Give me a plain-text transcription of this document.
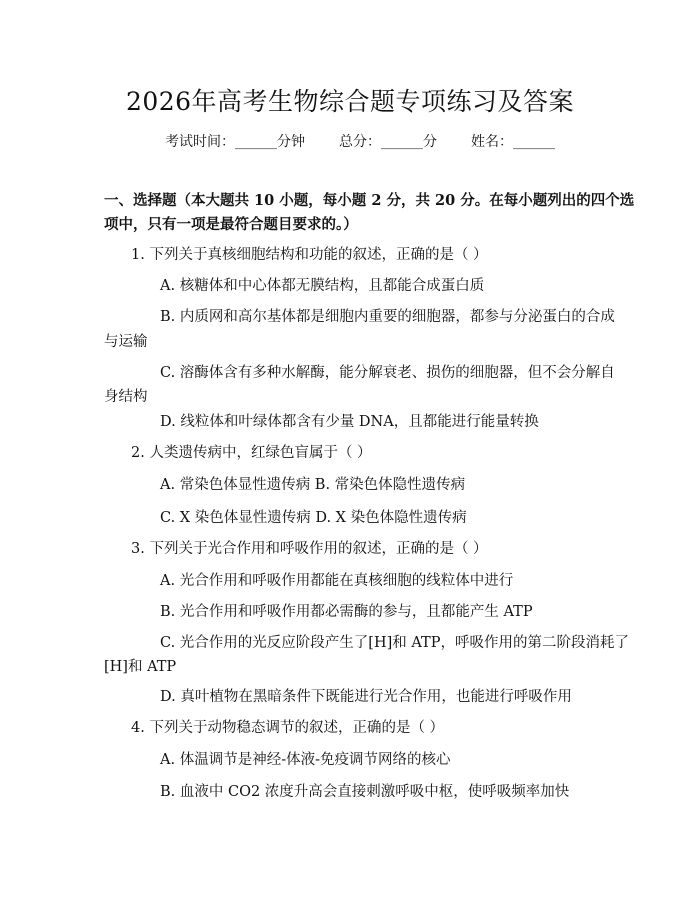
2026年高考生物综合题专项练习及答案
考试时间：______分钟 总分：______分 姓名：______
一、选择题（本大题共 10 小题，每小题 2 分，共 20 分。在每小题列出的四个选
项中，只有一项是最符合题目要求的。）
1. 下列关于真核细胞结构和功能的叙述，正确的是（ ）
A. 核糖体和中心体都无膜结构，且都能合成蛋白质
B. 内质网和高尔基体都是细胞内重要的细胞器，都参与分泌蛋白的合成
与运输
C. 溶酶体含有多种水解酶，能分解衰老、损伤的细胞器，但不会分解自
身结构
D. 线粒体和叶绿体都含有少量 DNA，且都能进行能量转换
2. 人类遗传病中，红绿色盲属于（ ）
A. 常染色体显性遗传病 B. 常染色体隐性遗传病
C. X 染色体显性遗传病 D. X 染色体隐性遗传病
3. 下列关于光合作用和呼吸作用的叙述，正确的是（ ）
A. 光合作用和呼吸作用都能在真核细胞的线粒体中进行
B. 光合作用和呼吸作用都必需酶的参与，且都能产生 ATP
C. 光合作用的光反应阶段产生了[H]和 ATP，呼吸作用的第二阶段消耗了
[H]和 ATP
D. 真叶植物在黑暗条件下既能进行光合作用，也能进行呼吸作用
4. 下列关于动物稳态调节的叙述，正确的是（ ）
A. 体温调节是神经-体液-免疫调节网络的核心
B. 血液中 CO2 浓度升高会直接刺激呼吸中枢，使呼吸频率加快
